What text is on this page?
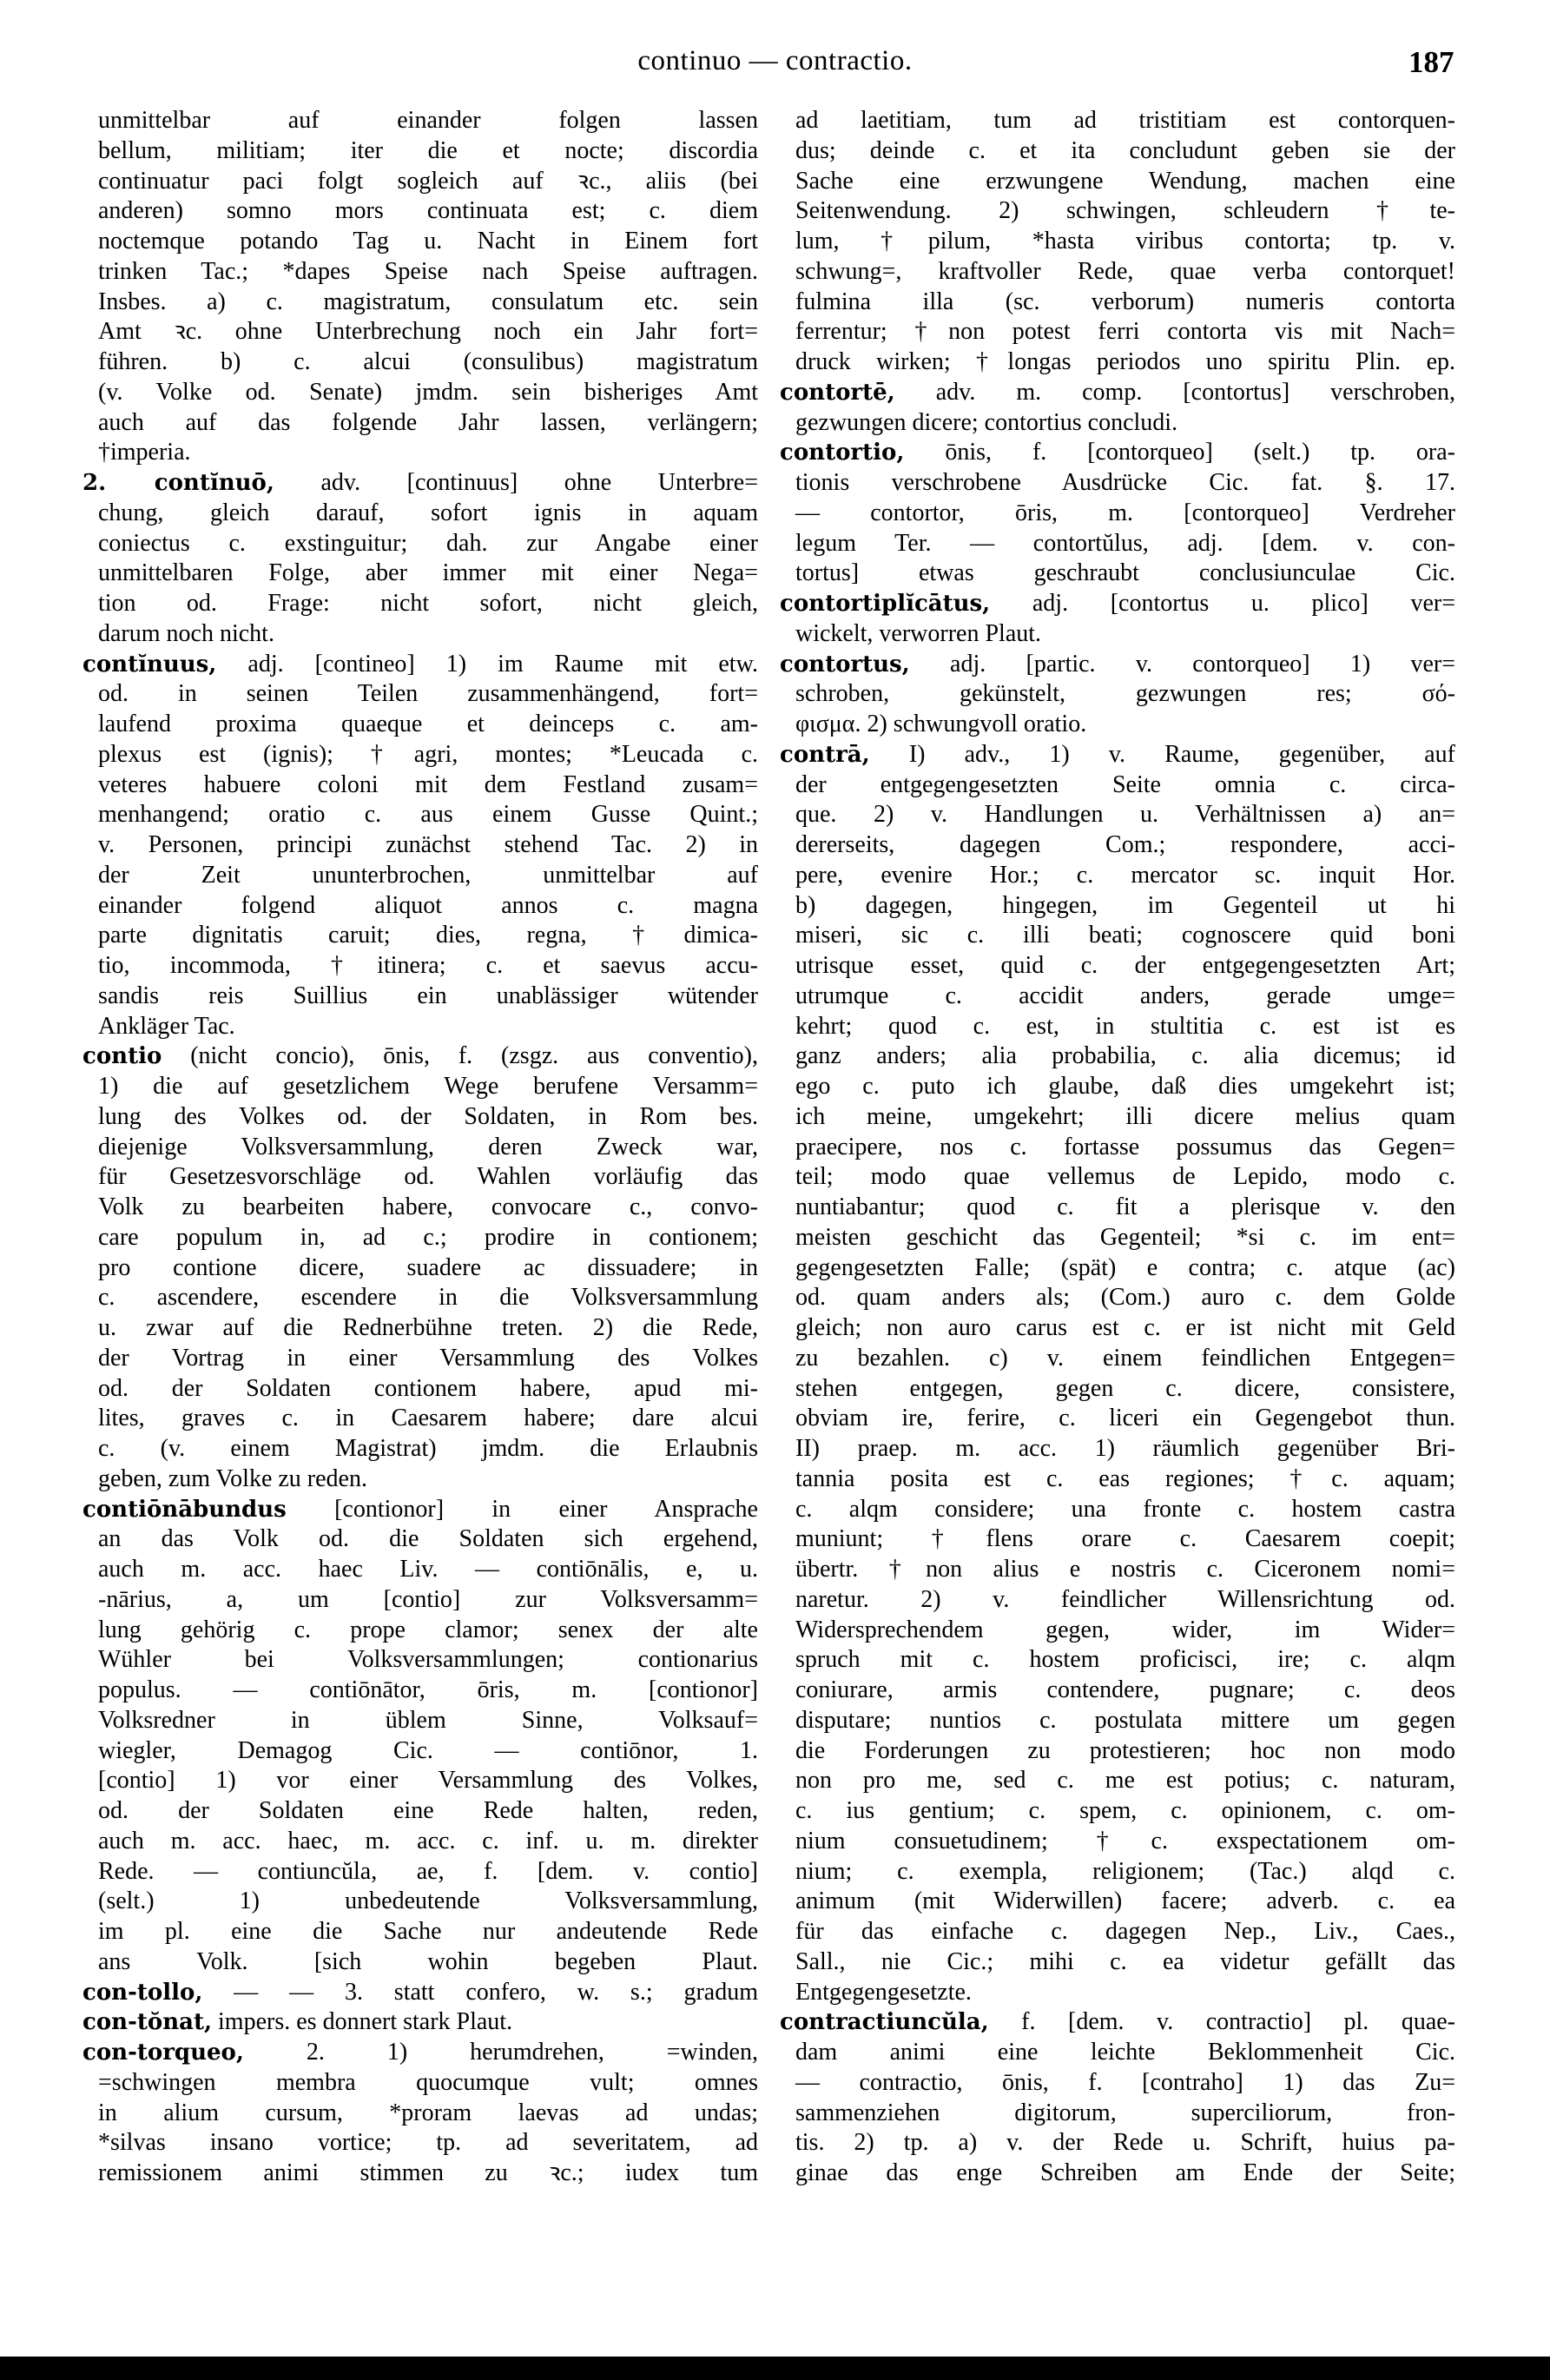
continuo — contractio.	187
unmittelbar auf einander folgen lassen
bellum, militiam; iter die et nocte; discordia
continuatur paci folgt sogleich auf ꝛc., aliis (bei
anderen) somno mors continuata est; c. diem
noctemque potando Tag u. Nacht in Einem fort
trinken Tac.; *dapes Speise nach Speise auftragen.
Insbes. a) c. magistratum, consulatum etc. sein
Amt ꝛc. ohne Unterbrechung noch ein Jahr fort=
führen. b) c. alcui (consulibus) magistratum
(v. Volke od. Senate) jmdm. sein bisheriges Amt
auch auf das folgende Jahr lassen, verlängern;
†imperia.
2. contĭnuō, adv. [continuus] ohne Unterbre=
chung, gleich darauf, sofort ignis in aquam
coniectus c. exstinguitur; dah. zur Angabe einer
unmittelbaren Folge, aber immer mit einer Nega=
tion od. Frage: nicht sofort, nicht gleich,
darum noch nicht.
contĭnuus, adj. [contineo] 1) im Raume mit etw.
od. in seinen Teilen zusammenhängend, fort=
laufend proxima quaeque et deinceps c. am-
plexus est (ignis); †agri, montes; *Leucada c.
veteres habuere coloni mit dem Festland zusam=
menhangend; oratio c. aus einem Gusse Quint.;
v. Personen, principi zunächst stehend Tac. 2) in
der Zeit ununterbrochen, unmittelbar auf
einander folgend aliquot annos c. magna
parte dignitatis caruit; dies, regna, †dimica-
tio, incommoda, †itinera; c. et saevus accu-
sandis reis Suillius ein unablässiger wütender
Ankläger Tac.
contio (nicht concio), ōnis, f. (zsgz. aus conventio),
1) die auf gesetzlichem Wege berufene Versamm=
lung des Volkes od. der Soldaten, in Rom bes.
diejenige Volksversammlung, deren Zweck war,
für Gesetzesvorschläge od. Wahlen vorläufig das
Volk zu bearbeiten habere, convocare c., convo-
care populum in, ad c.; prodire in contionem;
pro contione dicere, suadere ac dissuadere; in
c. ascendere, escendere in die Volksversammlung
u. zwar auf die Rednerbühne treten. 2) die Rede,
der Vortrag in einer Versammlung des Volkes
od. der Soldaten contionem habere, apud mi-
lites, graves c. in Caesarem habere; dare alcui
c. (v. einem Magistrat) jmdm. die Erlaubnis
geben, zum Volke zu reden.
contiōnābundus [contionor] in einer Ansprache
an das Volk od. die Soldaten sich ergehend,
auch m. acc. haec Liv. — contiōnālis, e, u.
-nārius, a, um [contio] zur Volksversamm=
lung gehörig c. prope clamor; senex der alte
Wühler bei Volksversammlungen; contionarius
populus. — contiōnātor, ōris, m. [contionor]
Volksredner in üblem Sinne, Volksauf=
wiegler, Demagog Cic. — contiōnor, 1.
[contio] 1) vor einer Versammlung des Volkes,
od. der Soldaten eine Rede halten, reden,
auch m. acc. haec, m. acc. c. inf. u. m. direkter
Rede. — contiuncŭla, ae, f. [dem. v. contio]
(selt.) 1) unbedeutende Volksversammlung,
im pl. eine die Sache nur andeutende Rede
ans Volk. [sich wohin begeben Plaut.
con-tollo, — — 3. statt confero, w. s.; gradum
con-tŏnat, impers. es donnert stark Plaut.
con-torqueo, 2. 1) herumdrehen, =winden,
=schwingen membra quocumque vult; omnes
in alium cursum, *proram laevas ad undas;
*silvas insano vortice; tp. ad severitatem, ad
remissionem animi stimmen zu ꝛc.; iudex tum
ad laetitiam, tum ad tristitiam est contorquen-
dus; deinde c. et ita concludunt geben sie der
Sache eine erzwungene Wendung, machen eine
Seitenwendung. 2) schwingen, schleudern †te-
lum, †pilum, *hasta viribus contorta; tp. v.
schwung=, kraftvoller Rede, quae verba contorquet!
fulmina illa (sc. verborum) numeris contorta
ferrentur; †non potest ferri contorta vis mit Nach=
druck wirken; †longas periodos uno spiritu Plin. ep.
contortē, adv. m. comp. [contortus] verschroben,
gezwungen dicere; contortius concludi.
contortio, ōnis, f. [contorqueo] (selt.) tp. ora-
tionis verschrobene Ausdrücke Cic. fat. §. 17.
— contortor, ōris, m. [contorqueo] Verdreher
legum Ter. — contortŭlus, adj. [dem. v. con-
tortus] etwas geschraubt conclusiunculae Cic.
contortiplĭcātus, adj. [contortus u. plico] ver=
wickelt, verworren Plaut.
contortus, adj. [partic. v. contorqueo] 1) ver=
schroben, gekünstelt, gezwungen res; σό-
φισμα. 2) schwungvoll oratio.
contrā, I) adv., 1) v. Raume, gegenüber, auf
der entgegengesetzten Seite omnia c. circa-
que. 2) v. Handlungen u. Verhältnissen a) an=
dererseits, dagegen Com.; respondere, acci-
pere, evenire Hor.; c. mercator sc. inquit Hor.
b) dagegen, hingegen, im Gegenteil ut hi
miseri, sic c. illi beati; cognoscere quid boni
utrisque esset, quid c. der entgegengesetzten Art;
utrumque c. accidit anders, gerade umge=
kehrt; quod c. est, in stultitia c. est ist es
ganz anders; alia probabilia, c. alia dicemus; id
ego c. puto ich glaube, daß dies umgekehrt ist;
ich meine, umgekehrt; illi dicere melius quam
praecipere, nos c. fortasse possumus das Gegen=
teil; modo quae vellemus de Lepido, modo c.
nuntiabantur; quod c. fit a plerisque v. den
meisten geschicht das Gegenteil; *si c. im ent=
gegengesetzten Falle; (spät) e contra; c. atque (ac)
od. quam anders als; (Com.) auro c. dem Golde
gleich; non auro carus est c. er ist nicht mit Geld
zu bezahlen. c) v. einem feindlichen Entgegen=
stehen entgegen, gegen c. dicere, consistere,
obviam ire, ferire, c. liceri ein Gegengebot thun.
II) praep. m. acc. 1) räumlich gegenüber Bri-
tannia posita est c. eas regiones; †c. aquam;
c. alqm considere; una fronte c. hostem castra
muniunt; †flens orare c. Caesarem coepit;
übertr. †non alius e nostris c. Ciceronem nomi=
naretur. 2) v. feindlicher Willensrichtung od.
Widersprechendem gegen, wider, im Wider=
spruch mit c. hostem proficisci, ire; c. alqm
coniurare, armis contendere, pugnare; c. deos
disputare; nuntios c. postulata mittere um gegen
die Forderungen zu protestieren; hoc non modo
non pro me, sed c. me est potius; c. naturam,
c. ius gentium; c. spem, c. opinionem, c. om-
nium consuetudinem; †c. exspectationem om-
nium; c. exempla, religionem; (Tac.) alqd c.
animum (mit Widerwillen) facere; adverb. c. ea
für das einfache c. dagegen Nep., Liv., Caes.,
Sall., nie Cic.; mihi c. ea videtur gefällt das
Entgegengesetzte.
contractiuncŭla, f. [dem. v. contractio] pl. quae-
dam animi eine leichte Beklommenheit Cic.
— contractio, ōnis, f. [contraho] 1) das Zu=
sammenziehen digitorum, superciliorum, fron-
tis. 2) tp. a) v. der Rede u. Schrift, huius pa-
ginae das enge Schreiben am Ende der Seite;
